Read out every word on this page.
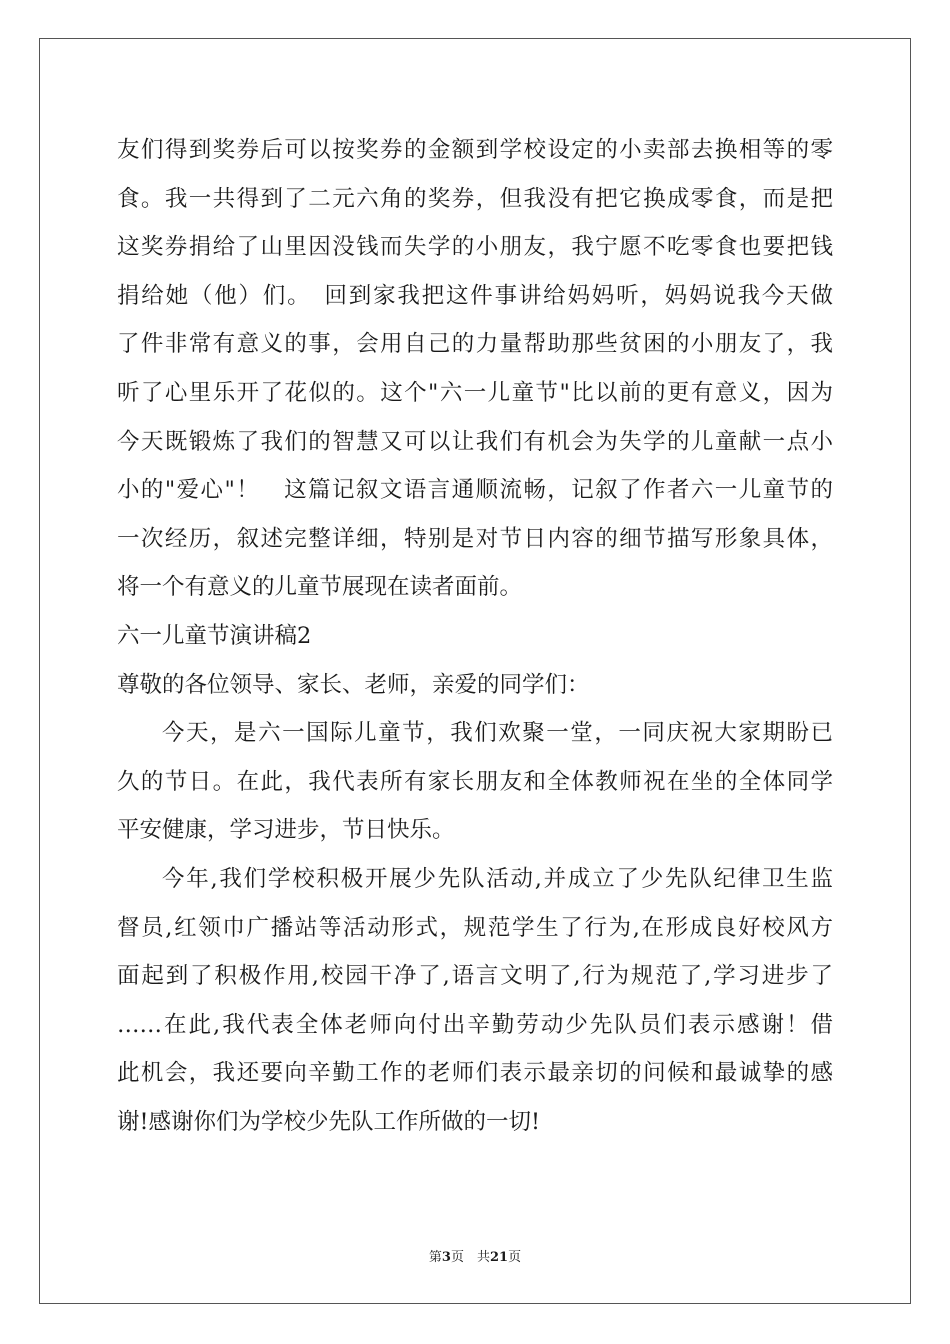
友们得到奖券后可以按奖券的金额到学校设定的小卖部去换相等的零
食。我一共得到了二元六角的奖券，但我没有把它换成零食，而是把
这奖券捐给了山里因没钱而失学的小朋友，我宁愿不吃零食也要把钱
捐给她（他）们。　回到家我把这件事讲给妈妈听，妈妈说我今天做
了件非常有意义的事，会用自己的力量帮助那些贫困的小朋友了，我
听了心里乐开了花似的。这个"六一儿童节"比以前的更有意义，因为
今天既锻炼了我们的智慧又可以让我们有机会为失学的儿童献一点小
小的"爱心"！　这篇记叙文语言通顺流畅，记叙了作者六一儿童节的
一次经历，叙述完整详细，特别是对节日内容的细节描写形象具体，
将一个有意义的儿童节展现在读者面前。
六一儿童节演讲稿2
尊敬的各位领导、家长、老师，亲爱的同学们：
今天，是六一国际儿童节，我们欢聚一堂，一同庆祝大家期盼已
久的节日。在此，我代表所有家长朋友和全体教师祝在坐的全体同学
平安健康，学习进步，节日快乐。
今年,我们学校积极开展少先队活动,并成立了少先队纪律卫生监
督员,红领巾广播站等活动形式，规范学生了行为,在形成良好校风方
面起到了积极作用,校园干净了,语言文明了,行为规范了,学习进步了
……在此,我代表全体老师向付出辛勤劳动少先队员们表示感谢！借
此机会，我还要向辛勤工作的老师们表示最亲切的问候和最诚挚的感
谢!感谢你们为学校少先队工作所做的一切!
第3页　共21页
